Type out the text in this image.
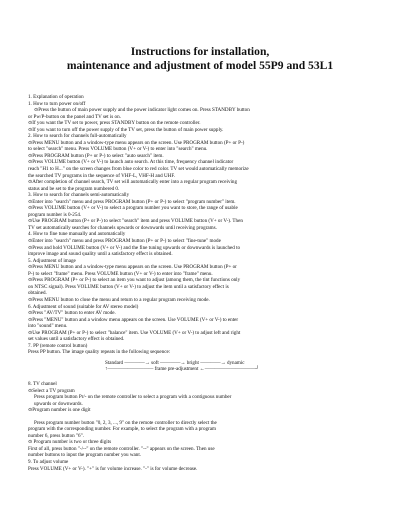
Instructions for installation,
maintenance and adjustment of model 55P9 and 53L1
1. Explanation of operation
1. How to turn power on/off
⊙Press the button of main power supply and the power indicator light comes on. Press STANDBY button
or Pw/P-button on the panel and TV set is on.
⊙If you want the TV set to power, press STANDBY button on the remote controller.
⊙If you want to turn off the power supply of the TV set, press the button of main power supply.
2. How to search for channels full-automatically
⊙Press MENU button and a window-type menu appears on the screen. Use PROGRAM button (P+ or P-)
to select "search" menu. Press VOLUME button (V+ or V-) to enter into "search" menu.
⊙Press PROGRAM button (P+ or P-) to select "auto search" item.
⊙Press VOLUME button (V+ or V-) to launch auto search. At this time, frequency channel indicator
reach "H1 to H..." on the screen changes from blue color to red color. TV set would automatically memorize
the searched TV programs in the sequence of VHF-L, VHF-H and UHF.
⊙After completion of channel search, TV set will automatically enter into a regular program receiving
status and be set to the program numbered 0.
3. How to search for channels semi-automatically
⊙Enter into "search" menu and press PROGRAM button (P+ or P-) to select "program number" item.
⊙Press VOLUME button (V+ or V-) to select a program number you want to store, the range of usable
program number is 0-254.
⊙Use PROGRAM button (P+ or P-) to select "search" item and press VOLUME button (V+ or V-). Then
TV set automatically searches for channels upwards or downwards until receiving programs.
4. How to fine tune manually and automatically
⊙Enter into "search" menu and press PROGRAM button (P+ or P-) to select "fine-tune" mode
⊙Press and hold VOLUME button (V+ or V-) and the fine tuning upwards or downwards is launched to
improve image and sound quality until a satisfactory effect is obtained.
5. Adjustment of image
⊙Press MENU button and a window-type menu appears on the screen. Use PROGRAM button (P+ or
P-) to select "frame" menu. Press VOLUME button (V+ or V-) to enter into "frame" menu.
⊙Press PROGRAM (P+ or P-) to select an item you want to adjust (among them, the tint functions only
on NTSC signal). Press VOLUME button (V+ or V-) to adjust the item until a satisfactory effect is
obtained.
⊙Press MENU button to close the menu and return to a regular program receiving mode.
6. Adjustment of sound (suitable for AV stereo model)
⊙Press "AV/TV" button to enter AV mode.
⊙Press "MENU" button and a window menu appears on the screen. Use VOLUME (V+ or V-) to enter
into "sound" menu.
⊙Use PROGRAM (P+ or P-) to select "balance" item. Use VOLUME (V+ or V-) to adjust left and right
set values until a satisfactory effect is obtained.
7. PP (remote control button)
Press PP button. The image quality repeats in the following sequence:
Standard ————→ soft ————→ bright ————→ dynamic
↑————————— frame pre-adjustment ←——————————┘
8. TV channel
⊙Select a TV program
Press program button Pr/- on the remote controller to select a program with a contiguous number
upwards or downwards.
⊙Program number is one digit
Press program number button "0, 2, 3, ..., 9" on the remote controller to directly select the
program with the corresponding number. For example, to select the program with a program
number 6, press button "6".
⊙ Program number is two or three digits
First of all, press button "-/--" on the remote controller. "--" appears on the screen. Then use
number buttons to input the program number you want.
9. To adjust volume
Press VOLUME (V+ or V-). "+" is for volume increase. "-" is for volume decrease.
